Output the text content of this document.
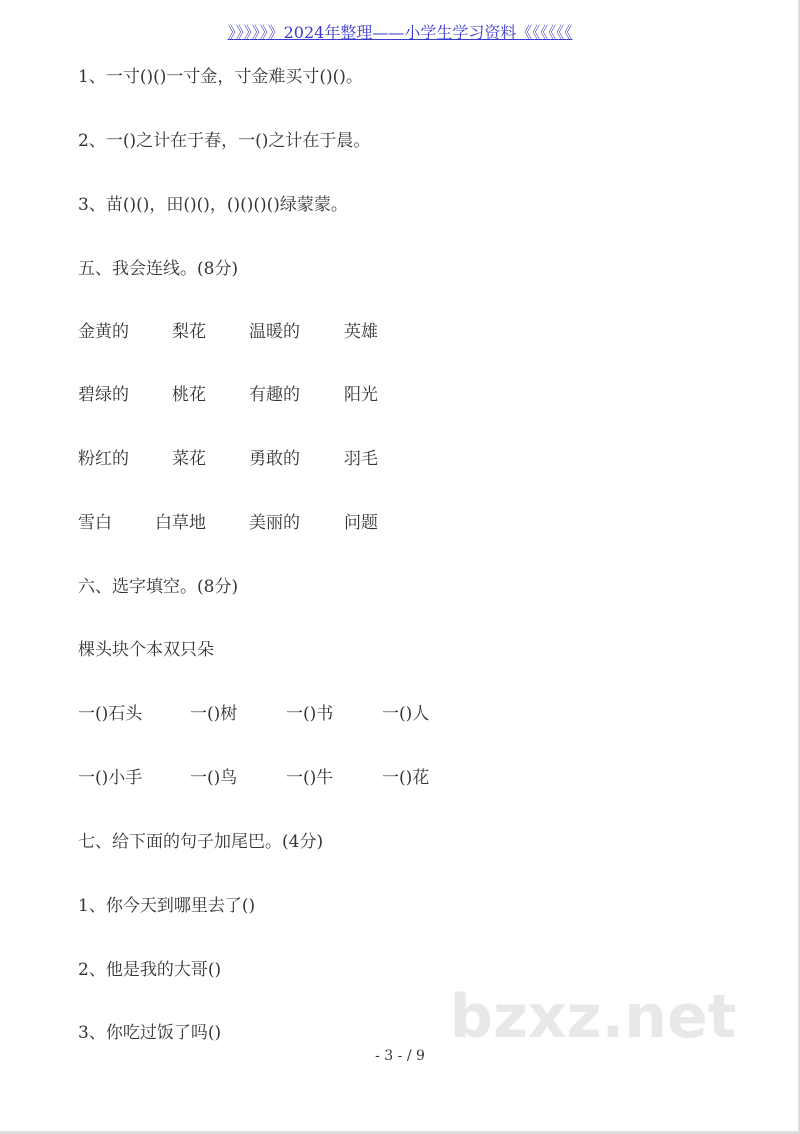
》》》》》》2024年整理——小学生学习资料《《《《《《
1、一寸()()一寸金，寸金难买寸()()。
2、一()之计在于春，一()之计在于晨。
3、苗()()，田()()，()()()()绿蒙蒙。
五、我会连线。(8分)
金黄的	梨花	温暖的	英雄
碧绿的	桃花	有趣的	阳光
粉红的	菜花	勇敢的	羽毛
雪白	白草地	美丽的	问题
六、选字填空。(8分)
棵头块个本双只朵
一()石头	一()树	一()书	一()人
一()小手	一()鸟	一()牛	一()花
七、给下面的句子加尾巴。(4分)
1、你今天到哪里去了()
2、他是我的大哥()
3、你吃过饭了吗()	bzxz.net
- 3 - / 9
